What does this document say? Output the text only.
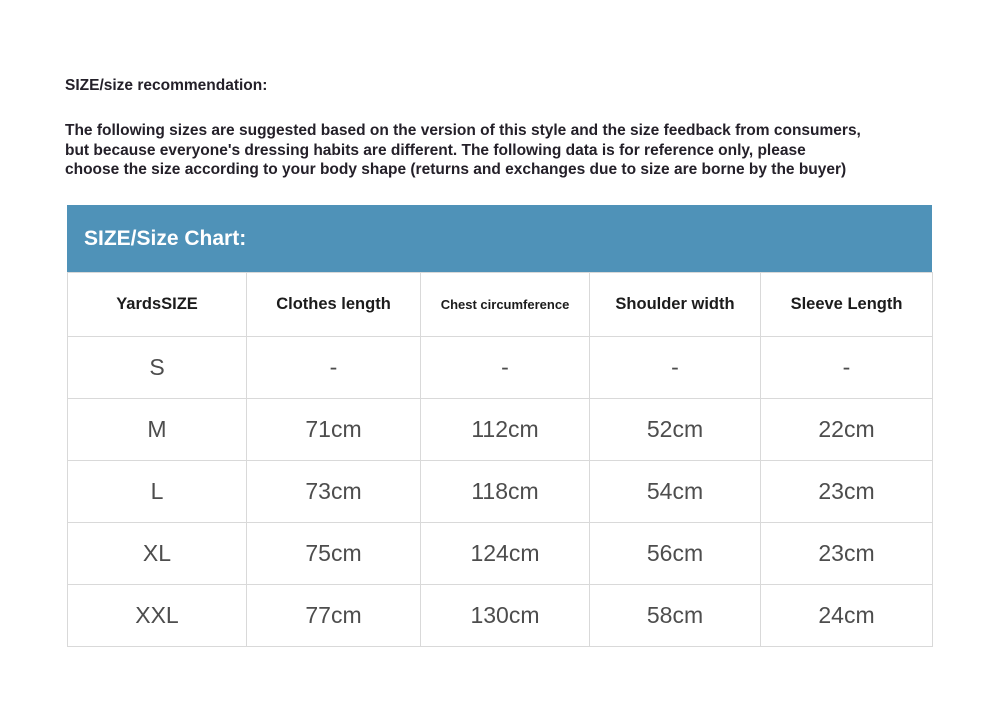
SIZE/size recommendation:
The following sizes are suggested based on the version of this style and the size feedback from consumers,
but because everyone's dressing habits are different. The following data is for reference only, please
choose the size according to your body shape (returns and exchanges due to size are borne by the buyer)
SIZE/Size Chart:
YardsSIZE	Clothes length	Chest circumference	Shoulder width	Sleeve Length
S	-	-	-	-
M	71cm	112cm	52cm	22cm
L	73cm	118cm	54cm	23cm
XL	75cm	124cm	56cm	23cm
XXL	77cm	130cm	58cm	24cm
